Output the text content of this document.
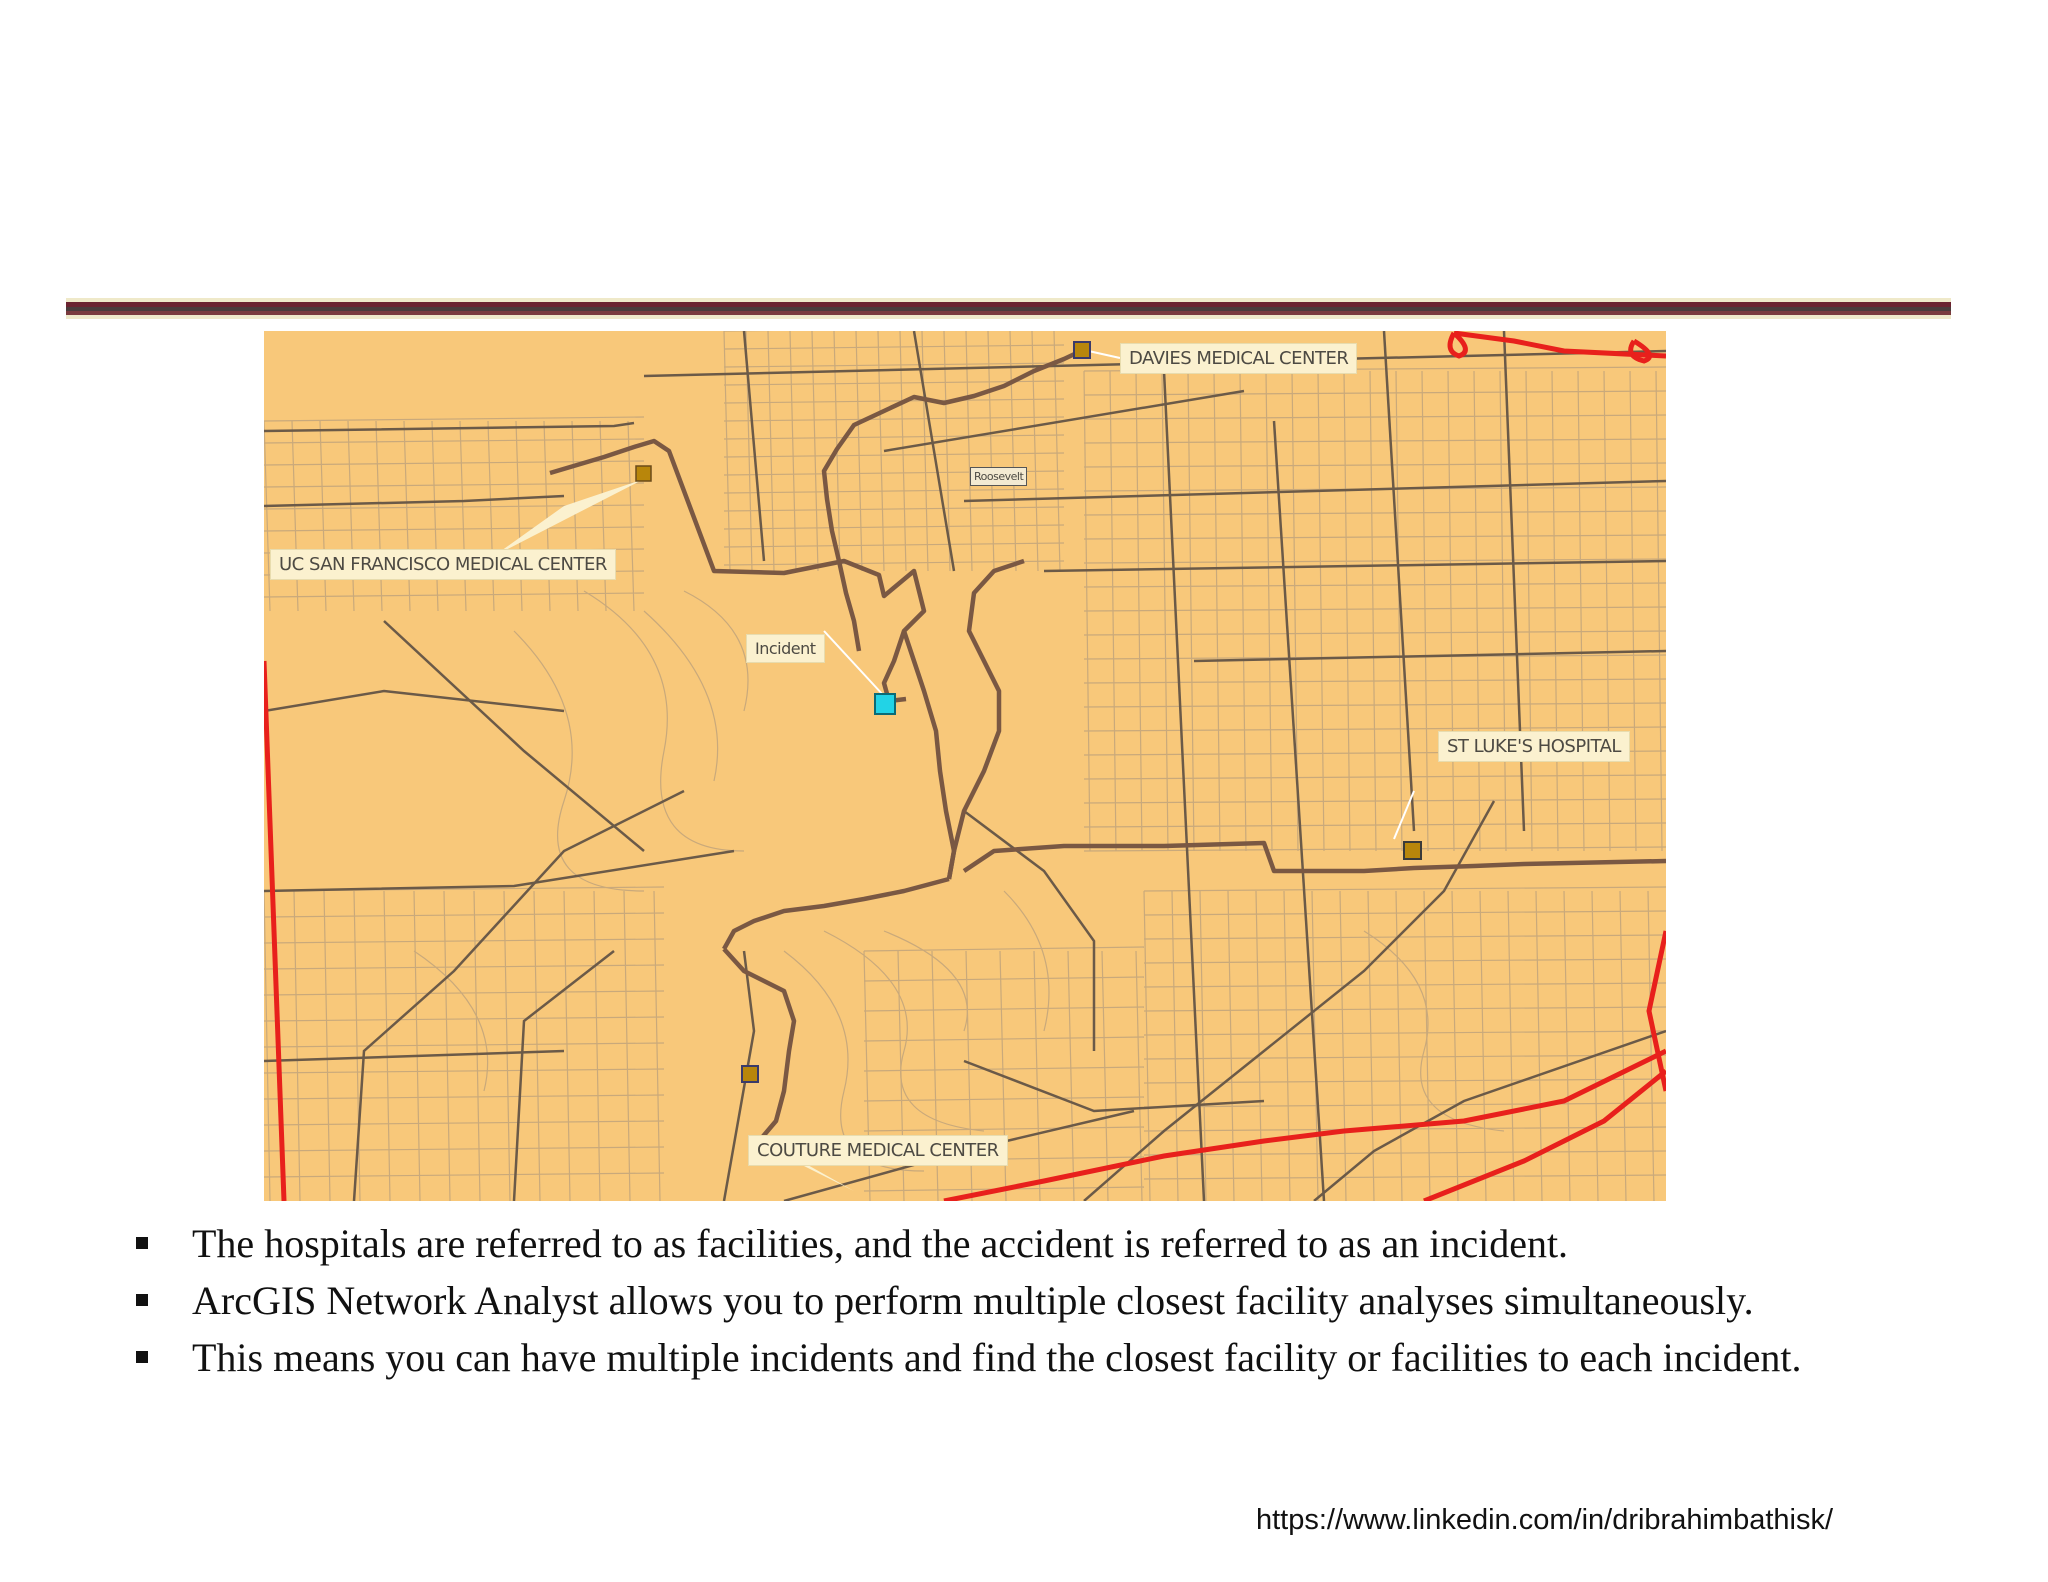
DAVIES MEDICAL CENTER
UC SAN FRANCISCO MEDICAL CENTER
Incident
ST LUKE'S HOSPITAL
COUTURE MEDICAL CENTER
Roosevelt
The hospitals are referred to as facilities, and the accident is referred to as an incident.
ArcGIS Network Analyst allows you to perform multiple closest facility analyses simultaneously.
This means you can have multiple incidents and find the closest facility or facilities to each incident.
https://www.linkedin.com/in/dribrahimbathisk/
